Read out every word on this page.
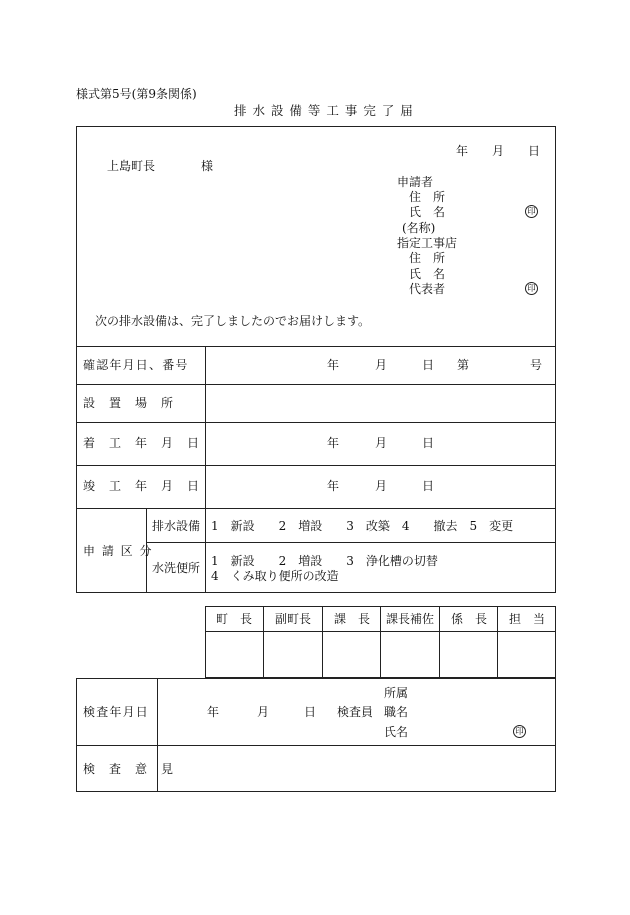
様式第5号(第9条関係)
排 水 設 備 等 工 事 完 了 届
年 月 日
上島町長	様
申請者
住　所
氏　名	印
(名称)
指定工事店
住　所
氏　名
代表者	印
次の排水設備は、完了しましたのでお届けします。
確認年月日、番号	年	月	日 第	号
設　置　場　所
着　工　年　月　日	年	月	日
竣　工　年　月　日	年	月	日
申 請 区 分
排水設備 1　新設　　2　増設　　3　改築　4　　撤去　5　変更
水洗便所 1　新設　　2　増設　　3　浄化槽の切替
4　くみ取り便所の改造
町　長 副町長 課　長 課長補佐 係　長 担　当
検査年月日	年	月	日 検査員
所属
職名
氏名	印
検　査　意　見
